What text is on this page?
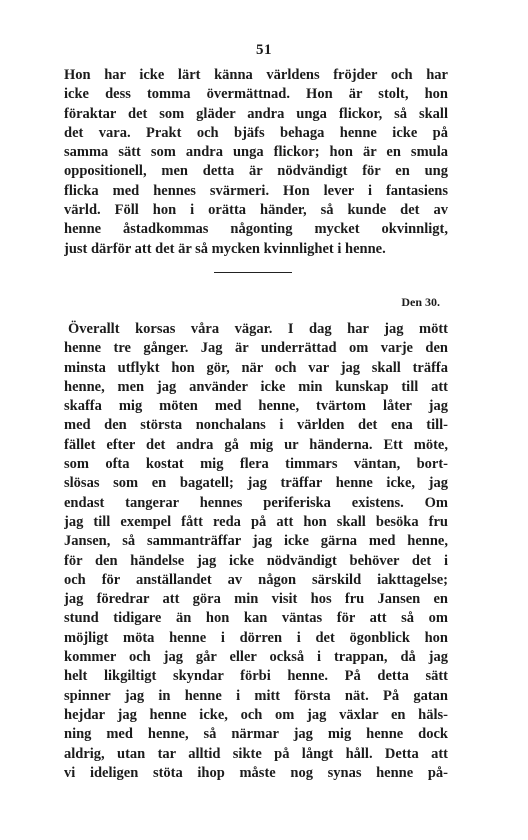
51
Hon har icke lärt känna världens fröjder och har
icke dess tomma övermättnad. Hon är stolt, hon
föraktar det som gläder andra unga flickor, så skall
det vara. Prakt och bjäfs behaga henne icke på
samma sätt som andra unga flickor; hon är en smula
oppositionell, men detta är nödvändigt för en ung
flicka med hennes svärmeri. Hon lever i fantasiens
värld. Föll hon i orätta händer, så kunde det av
henne åstadkommas någonting mycket okvinnligt,
just därför att det är så mycken kvinnlighet i henne.
Den 30.
Överallt korsas våra vägar. I dag har jag mött
henne tre gånger. Jag är underrättad om varje den
minsta utflykt hon gör, när och var jag skall träffa
henne, men jag använder icke min kunskap till att
skaffa mig möten med henne, tvärtom låter jag
med den största nonchalans i världen det ena till-
fället efter det andra gå mig ur händerna. Ett möte,
som ofta kostat mig flera timmars väntan, bort-
slösas som en bagatell; jag träffar henne icke, jag
endast tangerar hennes periferiska existens. Om
jag till exempel fått reda på att hon skall besöka fru
Jansen, så sammanträffar jag icke gärna med henne,
för den händelse jag icke nödvändigt behöver det i
och för anställandet av någon särskild iakttagelse;
jag föredrar att göra min visit hos fru Jansen en
stund tidigare än hon kan väntas för att så om
möjligt möta henne i dörren i det ögonblick hon
kommer och jag går eller också i trappan, då jag
helt likgiltigt skyndar förbi henne. På detta sätt
spinner jag in henne i mitt första nät. På gatan
hejdar jag henne icke, och om jag växlar en häls-
ning med henne, så närmar jag mig henne dock
aldrig, utan tar alltid sikte på långt håll. Detta att
vi ideligen stöta ihop måste nog synas henne på-
